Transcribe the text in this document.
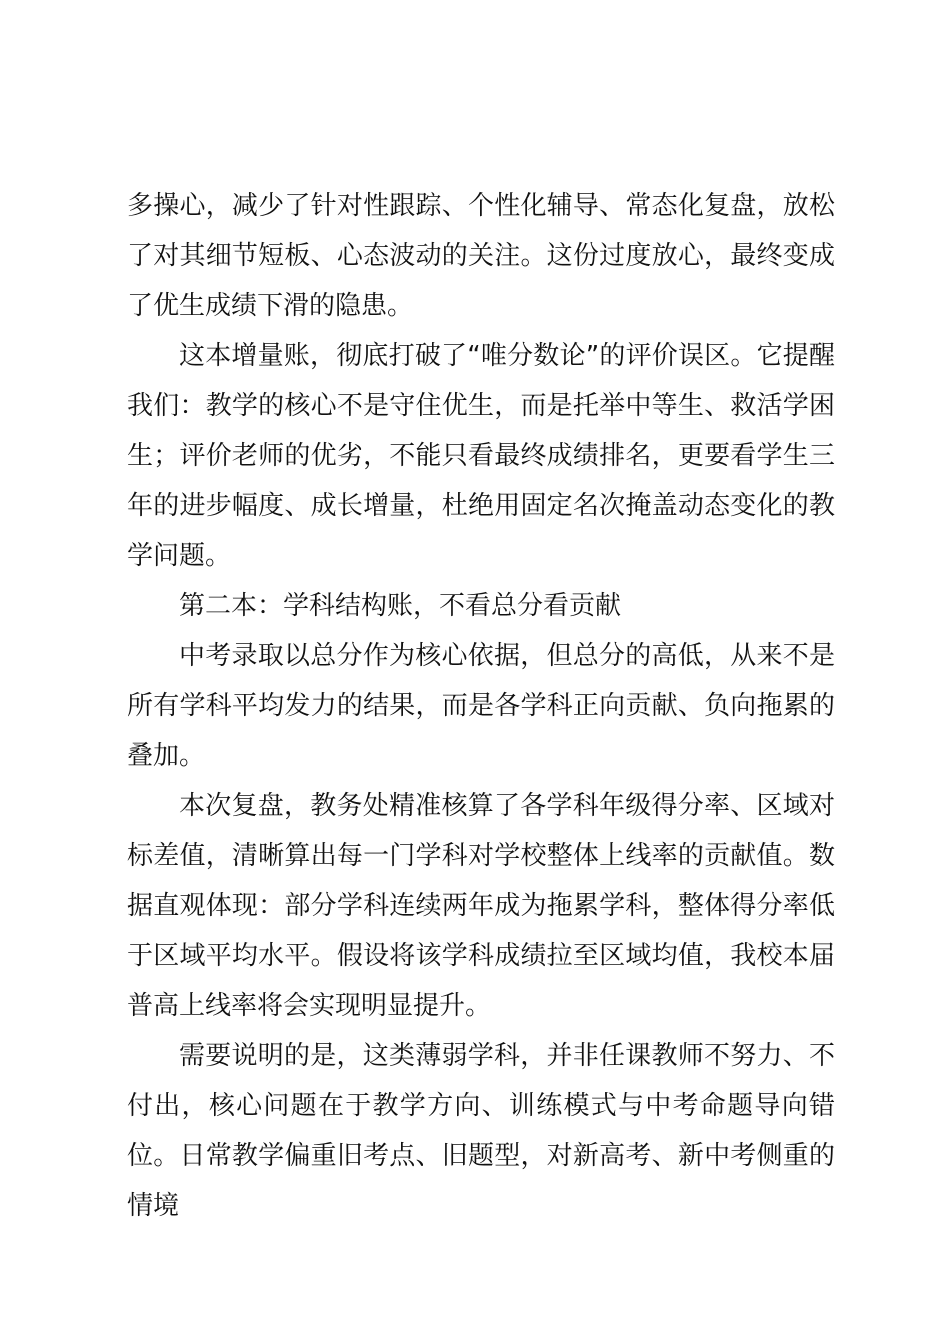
多操心，减少了针对性跟踪、个性化辅导、常态化复盘，放松了对其细节短板、心态波动的关注。这份过度放心，最终变成了优生成绩下滑的隐患。

这本增量账，彻底打破了“唯分数论”的评价误区。它提醒我们：教学的核心不是守住优生，而是托举中等生、救活学困生；评价老师的优劣，不能只看最终成绩排名，更要看学生三年的进步幅度、成长增量，杜绝用固定名次掩盖动态变化的教学问题。

第二本：学科结构账，不看总分看贡献

中考录取以总分作为核心依据，但总分的高低，从来不是所有学科平均发力的结果，而是各学科正向贡献、负向拖累的叠加。

本次复盘，教务处精准核算了各学科年级得分率、区域对标差值，清晰算出每一门学科对学校整体上线率的贡献值。数据直观体现：部分学科连续两年成为拖累学科，整体得分率低于区域平均水平。假设将该学科成绩拉至区域均值，我校本届普高上线率将会实现明显提升。

需要说明的是，这类薄弱学科，并非任课教师不努力、不付出，核心问题在于教学方向、训练模式与中考命题导向错位。日常教学偏重旧考点、旧题型，对新高考、新中考侧重的情境
